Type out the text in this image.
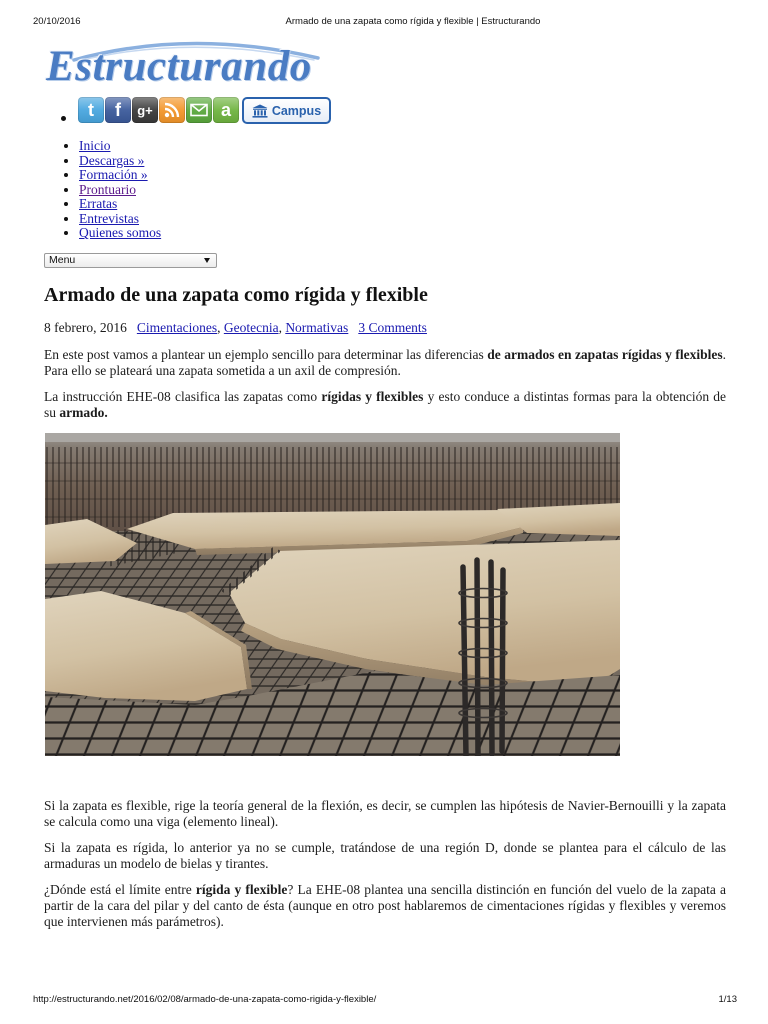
20/10/2016	Armado de una zapata como rígida y flexible | Estructurando
Estructurando
t	f	g+	a	Campus
• Inicio
• Descargas »
• Formación »
• Prontuario
• Erratas
• Entrevistas
• Quienes somos
Menu
Armado de una zapata como rígida y flexible
8 febrero, 2016 Cimentaciones, Geotecnia, Normativas 3 Comments

En este post vamos a plantear un ejemplo sencillo para determinar las diferencias de armados en zapatas rígidas y flexibles. Para ello se plateará una zapata sometida a un axil de compresión.

La instrucción EHE-08 clasifica las zapatas como rígidas y flexibles y esto conduce a distintas formas para la obtención de su armado.

Si la zapata es flexible, rige la teoría general de la flexión, es decir, se cumplen las hipótesis de Navier-Bernouilli y la zapata se calcula como una viga (elemento lineal).

Si la zapata es rígida, lo anterior ya no se cumple, tratándose de una región D, donde se plantea para el cálculo de las armaduras un modelo de bielas y tirantes.

¿Dónde está el límite entre rígida y flexible? La EHE-08 plantea una sencilla distinción en función del vuelo de la zapata a partir de la cara del pilar y del canto de ésta (aunque en otro post hablaremos de cimentaciones rígidas y flexibles y veremos que intervienen más parámetros).

http://estructurando.net/2016/02/08/armado-de-una-zapata-como-rigida-y-flexible/	1/13
